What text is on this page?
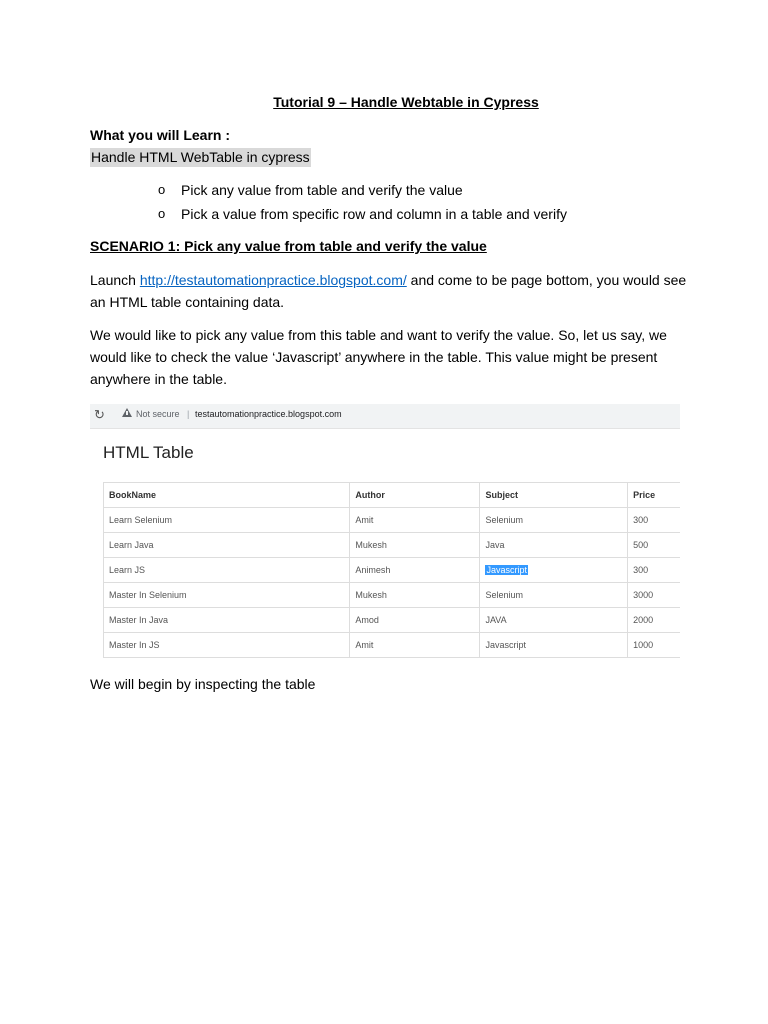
Tutorial 9 – Handle Webtable in Cypress
What you will Learn :
Handle HTML WebTable in cypress
o	Pick any value from table and verify the value
o	Pick a value from specific row and column in a table and verify
SCENARIO 1: Pick any value from table and verify the value
Launch http://testautomationpractice.blogspot.com/ and come to be page bottom, you would see an HTML table containing data.
We would like to pick any value from this table and want to verify the value. So, let us say, we would like to check the value ‘Javascript’ anywhere in the table. This value might be present anywhere in the table.
↻	Not secure | testautomationpractice.blogspot.com
HTML Table
BookName	Author	Subject	Price
Learn Selenium	Amit	Selenium	300
Learn Java	Mukesh	Java	500
Learn JS	Animesh	Javascript	300
Master In Selenium	Mukesh	Selenium	3000
Master In Java	Amod	JAVA	2000
Master In JS	Amit	Javascript	1000
We will begin by inspecting the table
